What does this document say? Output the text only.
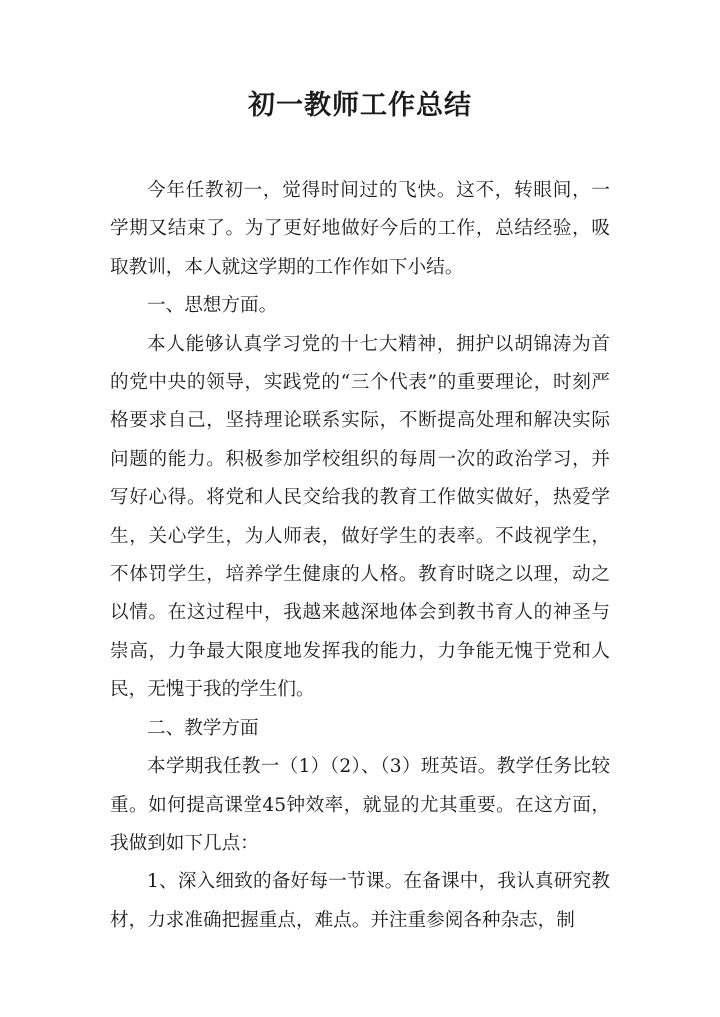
初一教师工作总结

今年任教初一，觉得时间过的飞快。这不，转眼间，一学期又结束了。为了更好地做好今后的工作，总结经验，吸取教训，本人就这学期的工作作如下小结。

一、思想方面。

本人能够认真学习党的十七大精神，拥护以胡锦涛为首的党中央的领导，实践党的“三个代表”的重要理论，时刻严格要求自己，坚持理论联系实际，不断提高处理和解决实际问题的能力。积极参加学校组织的每周一次的政治学习，并写好心得。将党和人民交给我的教育工作做实做好，热爱学生，关心学生，为人师表，做好学生的表率。不歧视学生，不体罚学生，培养学生健康的人格。教育时晓之以理，动之以情。在这过程中，我越来越深地体会到教书育人的神圣与崇高，力争最大限度地发挥我的能力，力争能无愧于党和人民，无愧于我的学生们。

二、教学方面

本学期我任教一（1）（2）、（3）班英语。教学任务比较重。如何提高课堂45钟效率，就显的尤其重要。在这方面，我做到如下几点：

1、深入细致的备好每一节课。在备课中，我认真研究教材，力求准确把握重点，难点。并注重参阅各种杂志，制
